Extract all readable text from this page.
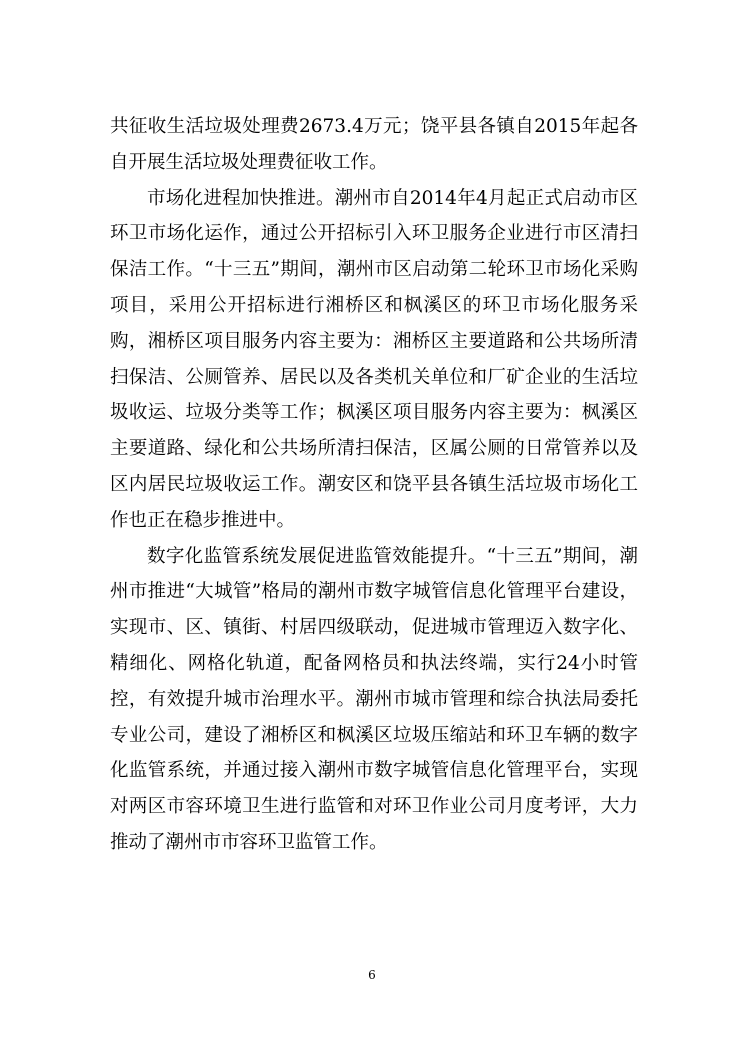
共征收生活垃圾处理费2673.4万元；饶平县各镇自2015年起各自开展生活垃圾处理费征收工作。

市场化进程加快推进。潮州市自2014年4月起正式启动市区环卫市场化运作，通过公开招标引入环卫服务企业进行市区清扫保洁工作。“十三五”期间，潮州市区启动第二轮环卫市场化采购项目，采用公开招标进行湘桥区和枫溪区的环卫市场化服务采购，湘桥区项目服务内容主要为：湘桥区主要道路和公共场所清扫保洁、公厕管养、居民以及各类机关单位和厂矿企业的生活垃圾收运、垃圾分类等工作；枫溪区项目服务内容主要为：枫溪区主要道路、绿化和公共场所清扫保洁，区属公厕的日常管养以及区内居民垃圾收运工作。潮安区和饶平县各镇生活垃圾市场化工作也正在稳步推进中。

数字化监管系统发展促进监管效能提升。“十三五”期间，潮州市推进“大城管”格局的潮州市数字城管信息化管理平台建设，实现市、区、镇街、村居四级联动，促进城市管理迈入数字化、精细化、网格化轨道，配备网格员和执法终端，实行24小时管控，有效提升城市治理水平。潮州市城市管理和综合执法局委托专业公司，建设了湘桥区和枫溪区垃圾压缩站和环卫车辆的数字化监管系统，并通过接入潮州市数字城管信息化管理平台，实现对两区市容环境卫生进行监管和对环卫作业公司月度考评，大力推动了潮州市市容环卫监管工作。

6
